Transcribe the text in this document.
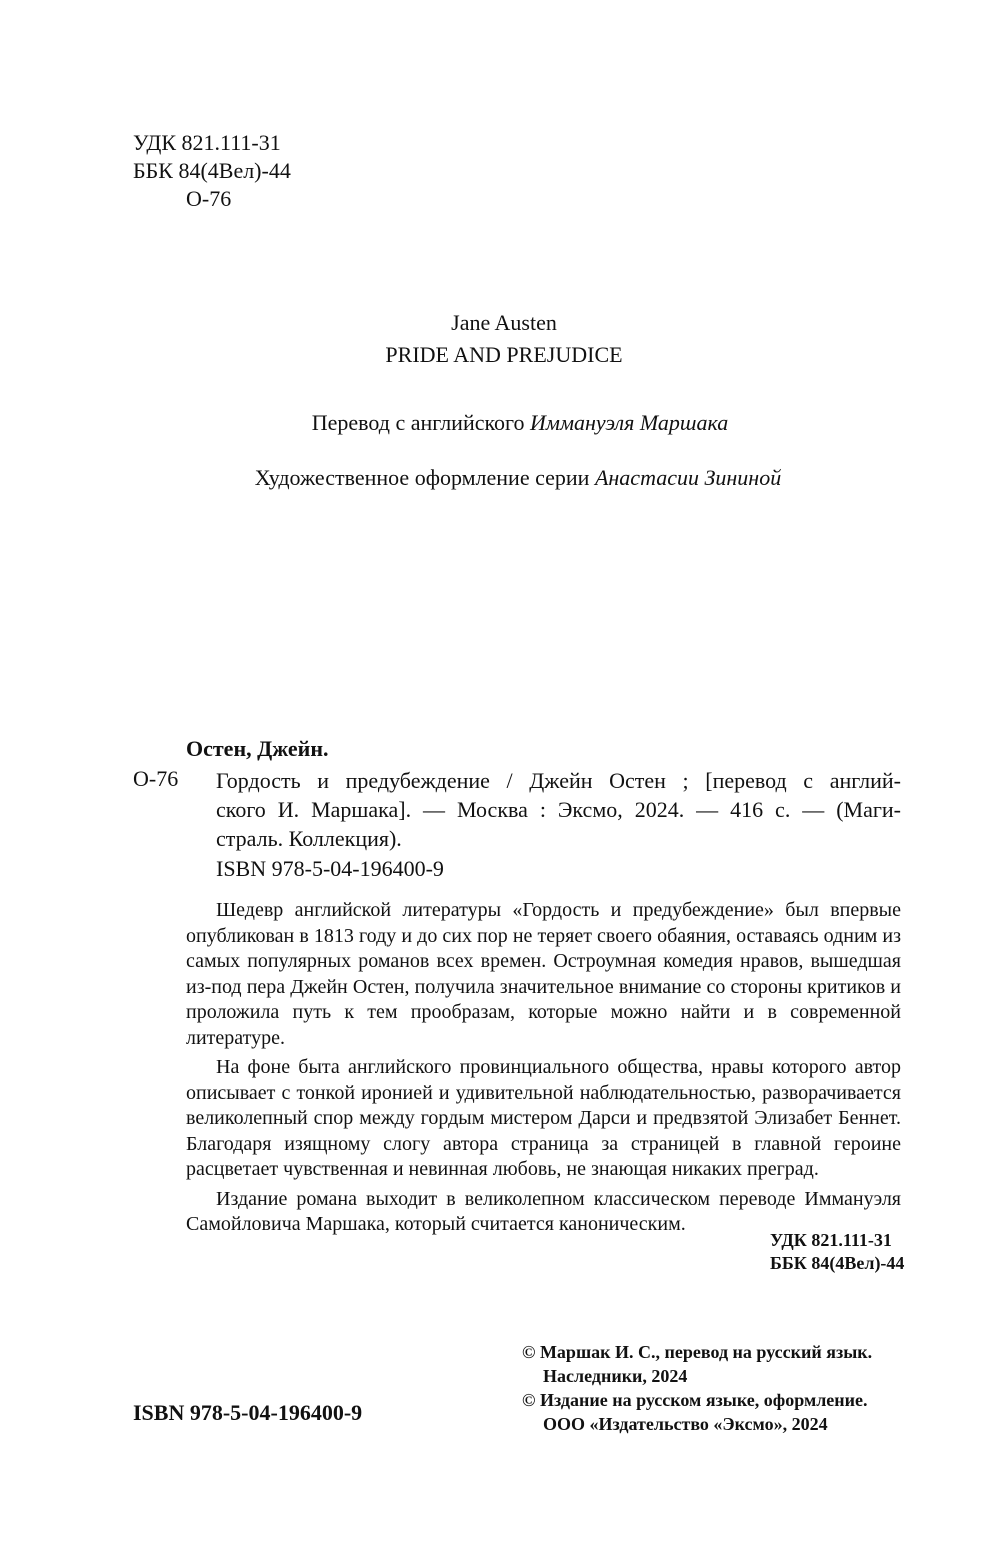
УДК 821.111-31
ББК 84(4Вел)-44
О-76
Jane Austen
PRIDE AND PREJUDICE
Перевод с английского Иммануэля Маршака
Художественное оформление серии Анастасии Зининой
Остен, Джейн.
О-76 Гордость и предубеждение / Джейн Остен ; [перевод с англий-
ского И. Маршака]. — Москва : Эксмо, 2024. — 416 с. — (Маги-
страль. Коллекция).
ISBN 978-5-04-196400-9

Шедевр английской литературы «Гордость и предубеждение» был впервые опубликован в 1813 году и до сих пор не теряет своего обаяния, оставаясь одним из самых популярных романов всех времен. Остроумная комедия нравов, вышедшая из-под пера Джейн Остен, получила значительное внимание со стороны критиков и проложила путь к тем прообразам, которые можно найти и в современной литературе.

На фоне быта английского провинциального общества, нравы которого автор описывает с тонкой иронией и удивительной наблюдательностью, разворачивается великолепный спор между гордым мистером Дарси и предвзятой Элизабет Беннет. Благодаря изящному слогу автора страница за страницей в главной героине расцветает чувственная и невинная любовь, не знающая никаких преград.

Издание романа выходит в великолепном классическом переводе Иммануэля Самойловича Маршака, который считается каноническим.

УДК 821.111-31
ББК 84(4Вел)-44
ISBN 978-5-04-196400-9
© Маршак И. С., перевод на русский язык.
Наследники, 2024
© Издание на русском языке, оформление.
ООО «Издательство «Эксмо», 2024
